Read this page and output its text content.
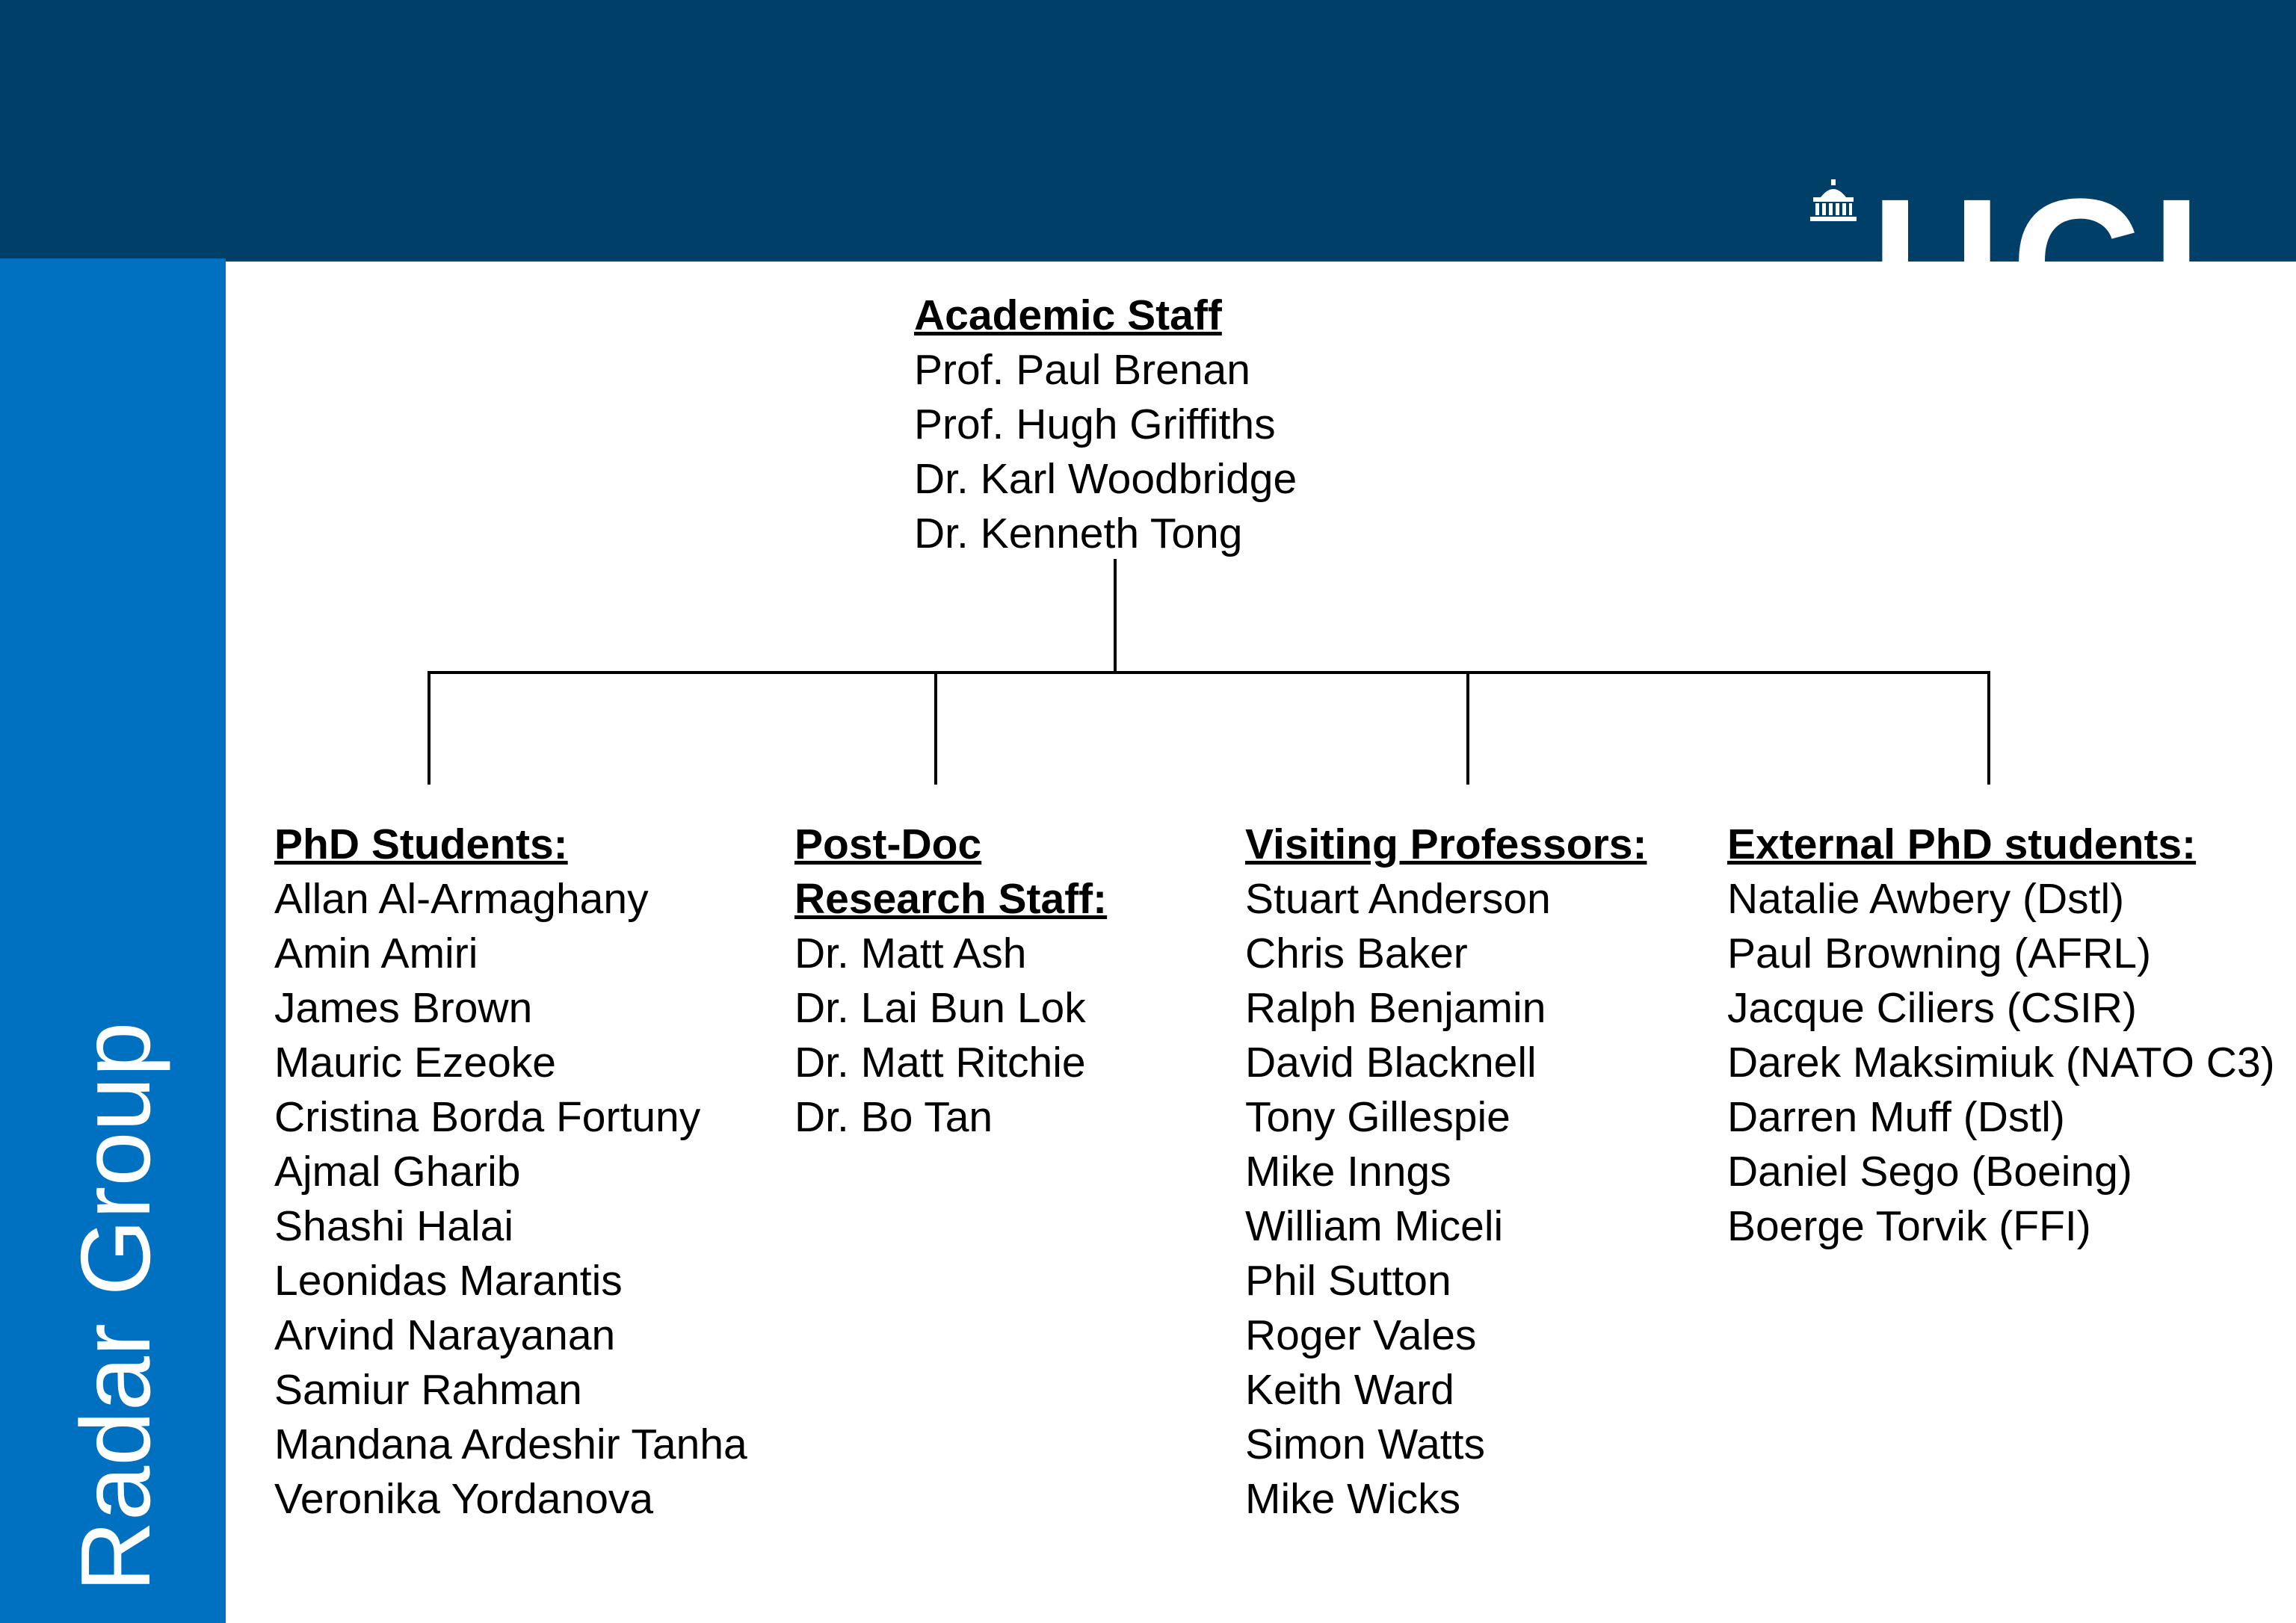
UCL
Radar Group
Academic Staff
Prof. Paul Brenan
Prof. Hugh Griffiths
Dr. Karl Woodbridge
Dr. Kenneth Tong
PhD Students:
Allan Al-Armaghany
Amin Amiri
James Brown
Mauric Ezeoke
Cristina Borda Fortuny
Ajmal Gharib
Shashi Halai
Leonidas Marantis
Arvind Narayanan
Samiur Rahman
Mandana Ardeshir Tanha
Veronika Yordanova
Post-Doc
Research Staff:
Dr. Matt Ash
Dr. Lai Bun Lok
Dr. Matt Ritchie
Dr. Bo Tan
Visiting Professors:
Stuart Anderson
Chris Baker
Ralph Benjamin
David Blacknell
Tony Gillespie
Mike Inngs
William Miceli
Phil Sutton
Roger Vales
Keith Ward
Simon Watts
Mike Wicks
External PhD students:
Natalie Awbery (Dstl)
Paul Browning (AFRL)
Jacque Ciliers (CSIR)
Darek Maksimiuk (NATO C3)
Darren Muff (Dstl)
Daniel Sego (Boeing)
Boerge Torvik (FFI)
